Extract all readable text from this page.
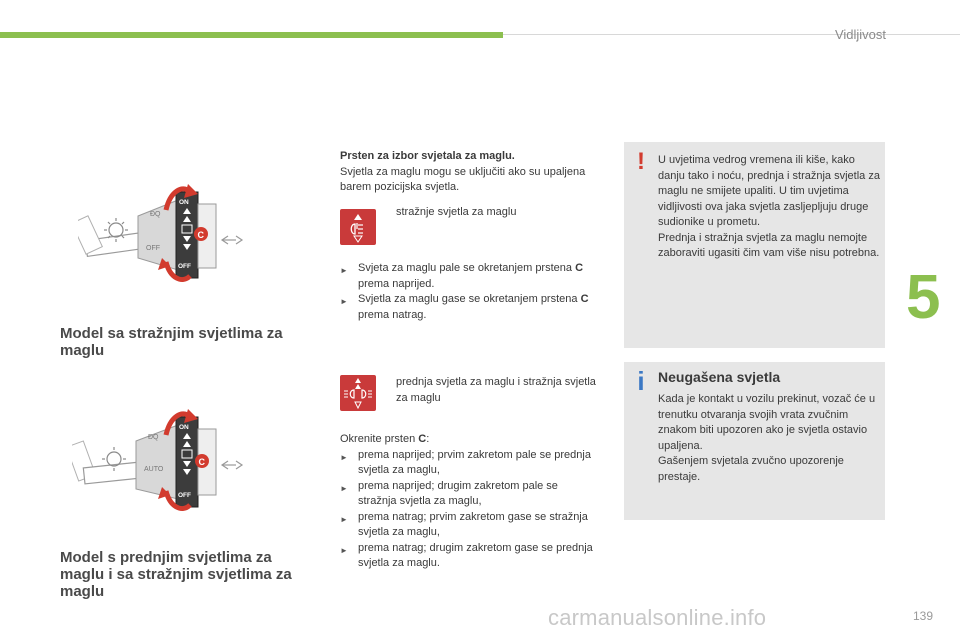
Vidljivost
5
139
ĐQ
OFF
ON
OFF
C
Model sa stražnjim svjetlima za maglu
ĐQ
AUTO
ON
OFF
C
Model s prednjim svjetlima za maglu i sa stražnjim svjetlima za maglu
Prsten za izbor svjetala za maglu.
Svjetla za maglu mogu se uključiti ako su upaljena barem pozicijska svjetla.
stražnje svjetla za maglu
► Svjeta za maglu pale se okretanjem prstena C prema naprijed.
► Svjetla za maglu gase se okretanjem prstena C prema natrag.
prednja svjetla za maglu i stražnja svjetla za maglu
Okrenite prsten C:
► prema naprijed; prvim zakretom pale se prednja svjetla za maglu,
► prema naprijed; drugim zakretom pale se stražnja svjetla za maglu,
► prema natrag; prvim zakretom gase se stražnja svjetla za maglu,
► prema natrag; drugim zakretom gase se prednja svjetla za maglu.
! U uvjetima vedrog vremena ili kiše, kako danju tako i noću, prednja i stražnja svjetla za maglu ne smijete upaliti. U tim uvjetima vidljivosti ova jaka svjetla zasljepljuju druge sudionike u prometu.
Prednja i stražnja svjetla za maglu nemojte zaboraviti ugasiti čim vam više nisu potrebna.
i Neugašena svjetla
Kada je kontakt u vozilu prekinut, vozač će u trenutku otvaranja svojih vrata zvučnim znakom biti upozoren ako je svjetla ostavio upaljena.
Gašenjem svjetala zvučno upozorenje prestaje.
carmanualsonline.info
